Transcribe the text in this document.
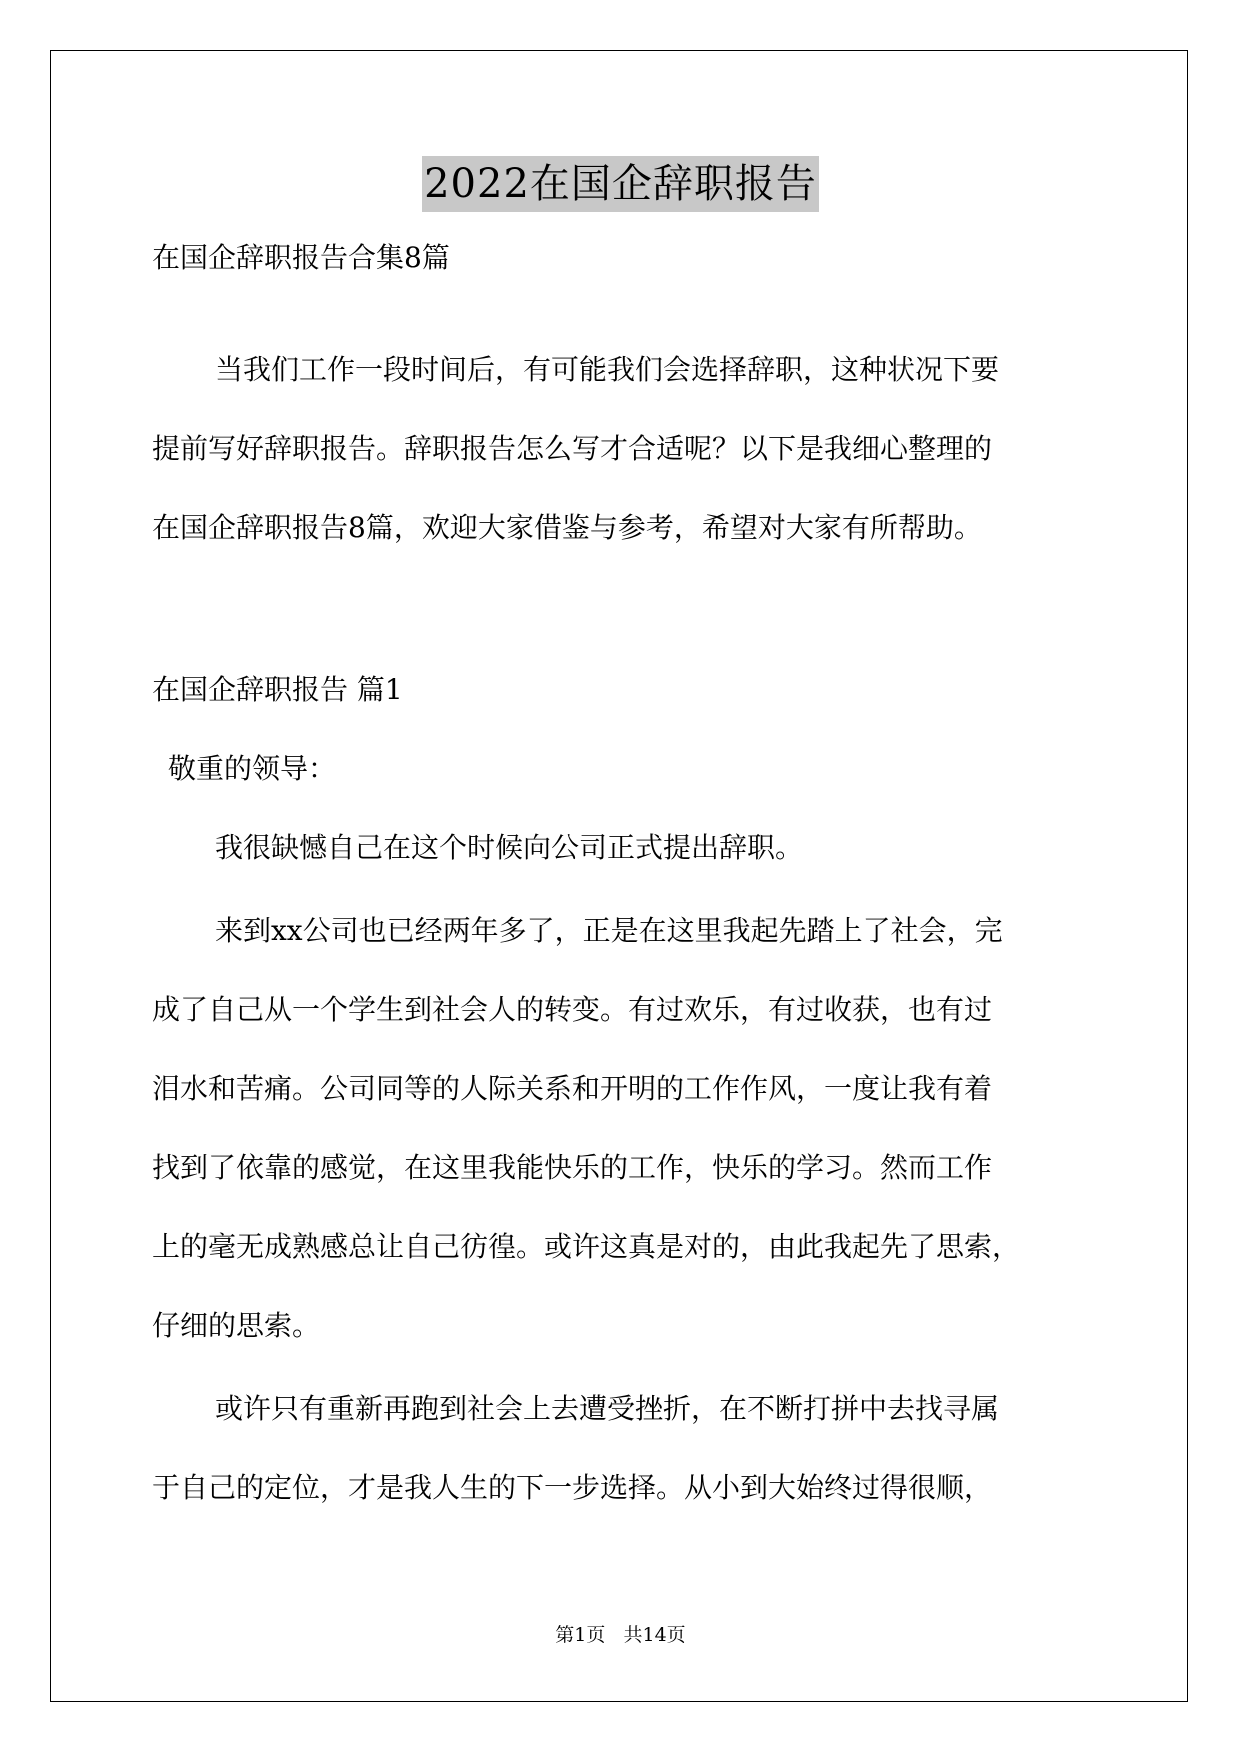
2022在国企辞职报告
在国企辞职报告合集8篇
当我们工作一段时间后，有可能我们会选择辞职，这种状况下要
提前写好辞职报告。辞职报告怎么写才合适呢？以下是我细心整理的
在国企辞职报告8篇，欢迎大家借鉴与参考，希望对大家有所帮助。
在国企辞职报告 篇1
敬重的领导：
我很缺憾自己在这个时候向公司正式提出辞职。
来到xx公司也已经两年多了，正是在这里我起先踏上了社会，完
成了自己从一个学生到社会人的转变。有过欢乐，有过收获，也有过
泪水和苦痛。公司同等的人际关系和开明的工作作风，一度让我有着
找到了依靠的感觉，在这里我能快乐的工作，快乐的学习。然而工作
上的毫无成熟感总让自己彷徨。或许这真是对的，由此我起先了思索，
仔细的思索。
或许只有重新再跑到社会上去遭受挫折，在不断打拼中去找寻属
于自己的定位，才是我人生的下一步选择。从小到大始终过得很顺，
第1页   共14页
